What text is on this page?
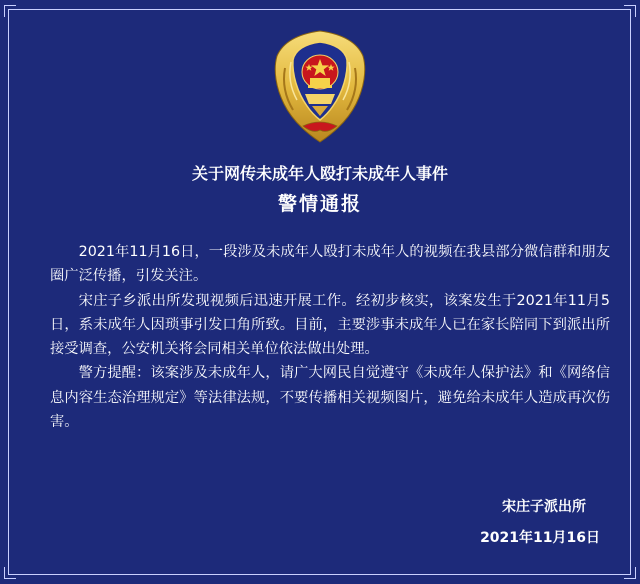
关于网传未成年人殴打未成年人事件
警情通报

2021年11月16日，一段涉及未成年人殴打未成年人的视频在我县部分微信群和朋友圈广泛传播，引发关注。

宋庄子乡派出所发现视频后迅速开展工作。经初步核实，该案发生于2021年11月5日，系未成年人因琐事引发口角所致。目前，主要涉事未成年人已在家长陪同下到派出所接受调查，公安机关将会同相关单位依法做出处理。

警方提醒：该案涉及未成年人，请广大网民自觉遵守《未成年人保护法》和《网络信息内容生态治理规定》等法律法规，不要传播相关视频图片，避免给未成年人造成再次伤害。

宋庄子派出所
2021年11月16日
